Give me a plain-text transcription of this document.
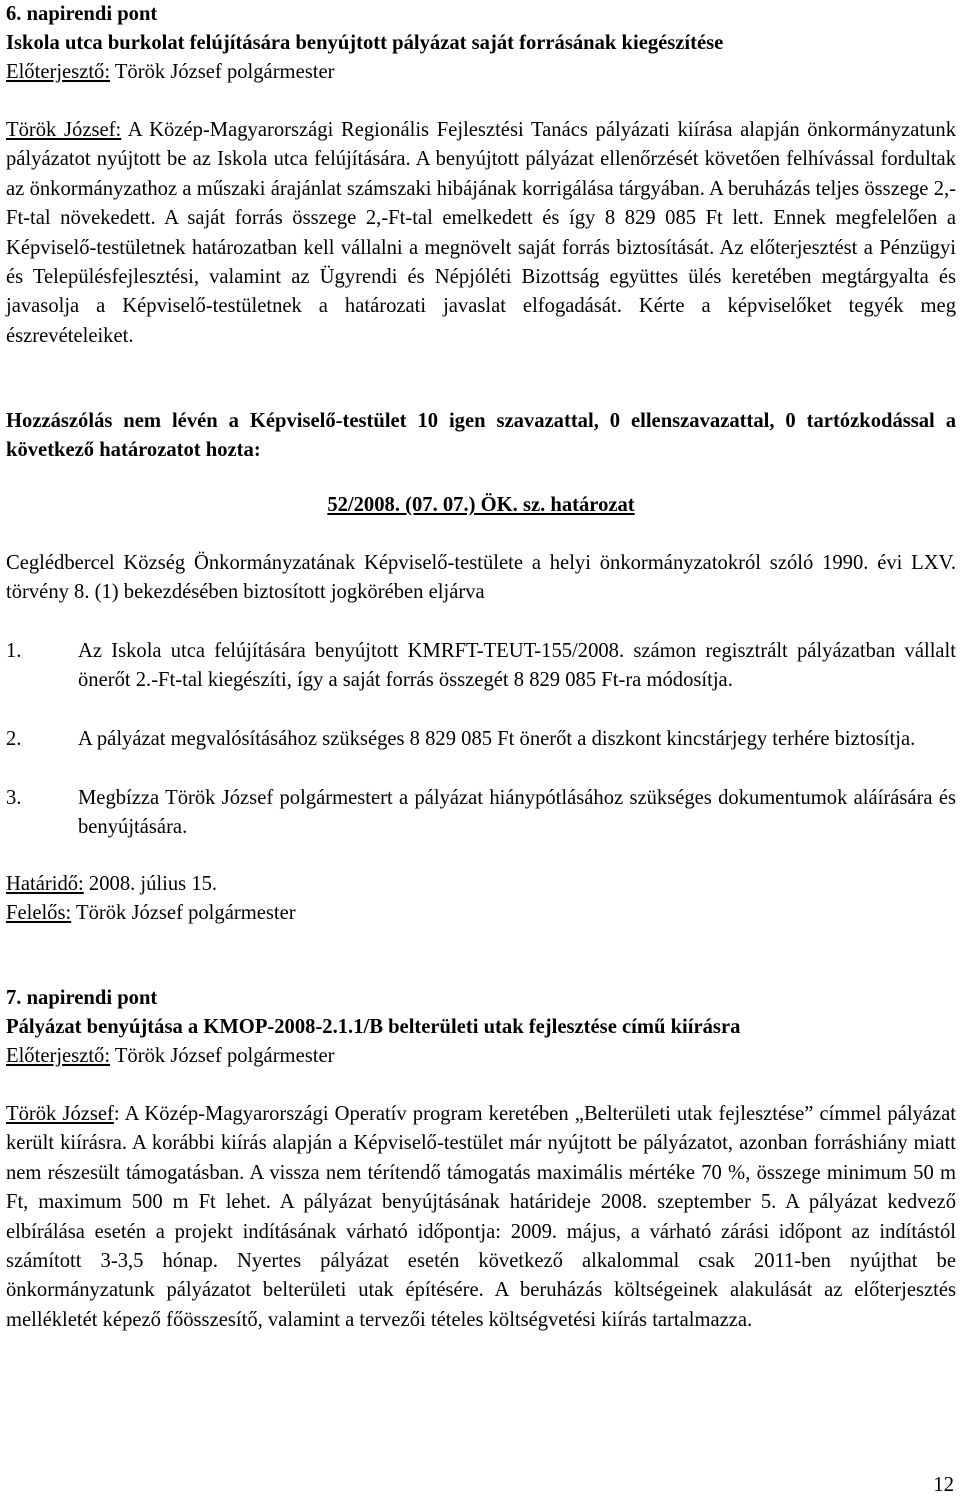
6. napirendi pont
Iskola utca burkolat felújítására benyújtott pályázat saját forrásának kiegészítése
Előterjesztő: Török József polgármester
Török József: A Közép-Magyarországi Regionális Fejlesztési Tanács pályázati kiírása alapján önkormányzatunk pályázatot nyújtott be az Iskola utca felújítására. A benyújtott pályázat ellenőrzését követően felhívással fordultak az önkormányzathoz a műszaki árajánlat számszaki hibájának korrigálása tárgyában. A beruházás teljes összege 2,-Ft-tal növekedett. A saját forrás összege 2,-Ft-tal emelkedett és így 8 829 085 Ft lett. Ennek megfelelően a Képviselő-testületnek határozatban kell vállalni a megnövelt saját forrás biztosítását. Az előterjesztést a Pénzügyi és Településfejlesztési, valamint az Ügyrendi és Népjóléti Bizottság együttes ülés keretében megtárgyalta és javasolja a Képviselő-testületnek a határozati javaslat elfogadását. Kérte a képviselőket tegyék meg észrevételeiket.
Hozzászólás nem lévén a Képviselő-testület 10 igen szavazattal, 0 ellenszavazattal, 0 tartózkodással a következő határozatot hozta:
52/2008. (07. 07.) ÖK. sz. határozat
Ceglédbercel Község Önkormányzatának Képviselő-testülete a helyi önkormányzatokról szóló 1990. évi LXV. törvény 8. (1) bekezdésében biztosított jogkörében eljárva
1.	Az Iskola utca felújítására benyújtott KMRFT-TEUT-155/2008. számon regisztrált pályázatban vállalt önerőt 2.-Ft-tal kiegészíti, így a saját forrás összegét 8 829 085 Ft-ra módosítja.
2.	A pályázat megvalósításához szükséges 8 829 085 Ft önerőt a diszkont kincstárjegy terhére biztosítja.
3.	Megbízza Török József polgármestert a pályázat hiánypótlásához szükséges dokumentumok aláírására és benyújtására.
Határidő: 2008. július 15.
Felelős: Török József polgármester
7. napirendi pont
Pályázat benyújtása a KMOP-2008-2.1.1/B belterületi utak fejlesztése című kiírásra
Előterjesztő: Török József polgármester
Török József: A Közép-Magyarországi Operatív program keretében „Belterületi utak fejlesztése” címmel pályázat került kiírásra. A korábbi kiírás alapján a Képviselő-testület már nyújtott be pályázatot, azonban forráshiány miatt nem részesült támogatásban. A vissza nem térítendő támogatás maximális mértéke 70 %, összege minimum 50 m Ft, maximum 500 m Ft lehet. A pályázat benyújtásának határideje 2008. szeptember 5. A pályázat kedvező elbírálása esetén a projekt indításának várható időpontja: 2009. május, a várható zárási időpont az indítástól számított 3-3,5 hónap. Nyertes pályázat esetén következő alkalommal csak 2011-ben nyújthat be önkormányzatunk pályázatot belterületi utak építésére. A beruházás költségeinek alakulását az előterjesztés mellékletét képező főösszesítő, valamint a tervezői tételes költségvetési kiírás tartalmazza.
12
